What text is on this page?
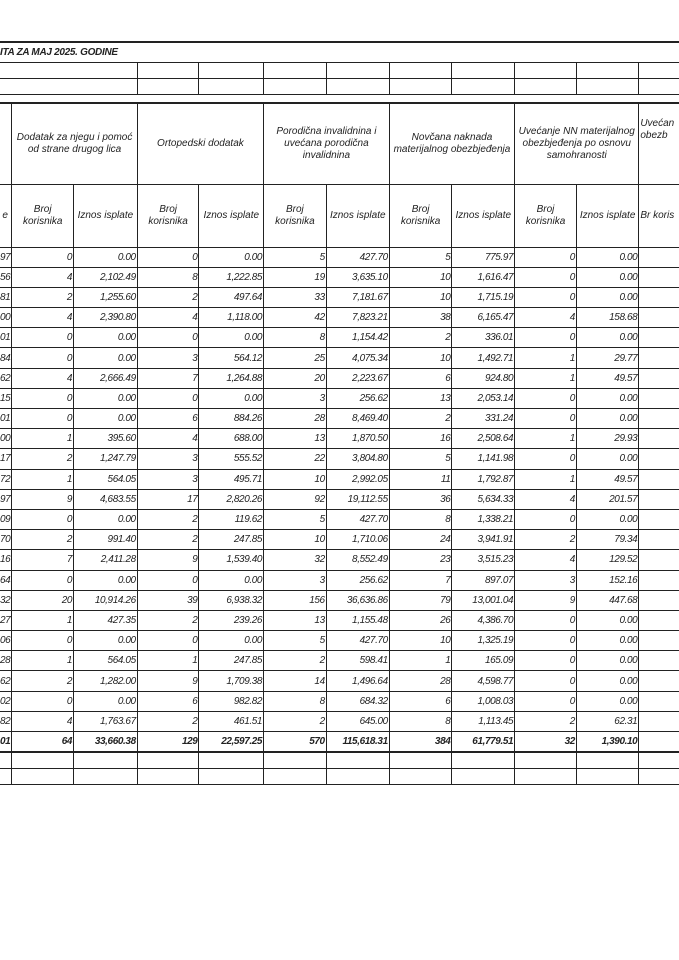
ITA ZA MAJ 2025. GODINE											

	Dodatak za njegu i pomoć od strane drugog lica		Ortopedski dodatak		Porodična invalidnina i uvećana porodična invalidnina		Novčana naknada materijalnog obezbjeđenja		Uvećanje NN materijalnog obezbjeđenja po osnovu samohranosti		Uvećan obezb
e	Broj korisnika	Iznos isplate	Broj korisnika	Iznos isplate	Broj korisnika	Iznos isplate	Broj korisnika	Iznos isplate	Broj korisnika	Iznos isplate	Br koris
97	0	0.00	0	0.00	5	427.70	5	775.97	0	0.00	
56	4	2,102.49	8	1,222.85	19	3,635.10	10	1,616.47	0	0.00	
81	2	1,255.60	2	497.64	33	7,181.67	10	1,715.19	0	0.00	
00	4	2,390.80	4	1,118.00	42	7,823.21	38	6,165.47	4	158.68	
01	0	0.00	0	0.00	8	1,154.42	2	336.01	0	0.00	
84	0	0.00	3	564.12	25	4,075.34	10	1,492.71	1	29.77	
62	4	2,666.49	7	1,264.88	20	2,223.67	6	924.80	1	49.57	
15	0	0.00	0	0.00	3	256.62	13	2,053.14	0	0.00	
01	0	0.00	6	884.26	28	8,469.40	2	331.24	0	0.00	
00	1	395.60	4	688.00	13	1,870.50	16	2,508.64	1	29.93	
17	2	1,247.79	3	555.52	22	3,804.80	5	1,141.98	0	0.00	
72	1	564.05	3	495.71	10	2,992.05	11	1,792.87	1	49.57	
97	9	4,683.55	17	2,820.26	92	19,112.55	36	5,634.33	4	201.57	
09	0	0.00	2	119.62	5	427.70	8	1,338.21	0	0.00	
70	2	991.40	2	247.85	10	1,710.06	24	3,941.91	2	79.34	
16	7	2,411.28	9	1,539.40	32	8,552.49	23	3,515.23	4	129.52	
64	0	0.00	0	0.00	3	256.62	7	897.07	3	152.16	
32	20	10,914.26	39	6,938.32	156	36,636.86	79	13,001.04	9	447.68	
27	1	427.35	2	239.26	13	1,155.48	26	4,386.70	0	0.00	
06	0	0.00	0	0.00	5	427.70	10	1,325.19	0	0.00	
28	1	564.05	1	247.85	2	598.41	1	165.09	0	0.00	
62	2	1,282.00	9	1,709.38	14	1,496.64	28	4,598.77	0	0.00	
02	0	0.00	6	982.82	8	684.32	6	1,008.03	0	0.00	
82	4	1,763.67	2	461.51	2	645.00	8	1,113.45	2	62.31	
01	64	33,660.38	129	22,597.25	570	115,618.31	384	61,779.51	32	1,390.10	
